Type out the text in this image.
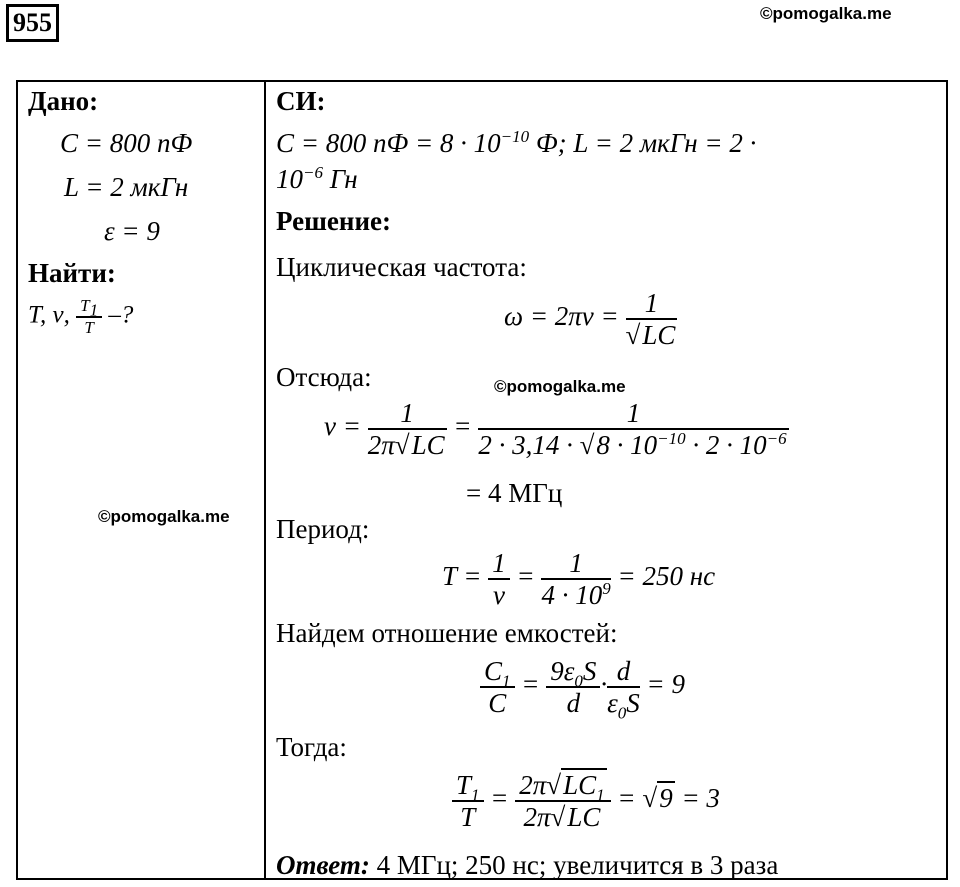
955	©pomogalka.me
©pomogalka.me
©pomogalka.me
Дано:
C = 800 пФ
L = 2 мкГн
ε = 9
Найти:
T, ν, $\frac{T1}{T}$ –?
СИ:
C = 800 пФ = $8 \cdot 10^{-10}$ Ф; L = 2 мкГн = 2 ·
$10^{-6}$ Гн
Решение:
Циклическая частота:
$\omega = 2\pi\nu = \frac{1}{√LC}$
Отсюда:
$\nu = \frac{1}{2\pi√LC} = \frac{1}{2 \cdot 3,14 \cdot √8 \cdot 10^{-10} \cdot 2 \cdot 10^{-6}}$
= 4 МГц
Период:
$T = \frac{1}{\nu} = \frac{1}{4 \cdot 10^9} = 250$ нс
Найдем отношение емкостей:
$\frac{C_1}{C} = \frac{9\varepsilon_0S}{d} \cdot \frac{d}{\varepsilon_0S} = 9$
Тогда:
$\frac{T_1}{T} = \frac{2\pi√LC_1}{2\pi√LC} = √9 = 3$
Ответ: 4 МГц; 250 нс; увеличится в 3 раза
